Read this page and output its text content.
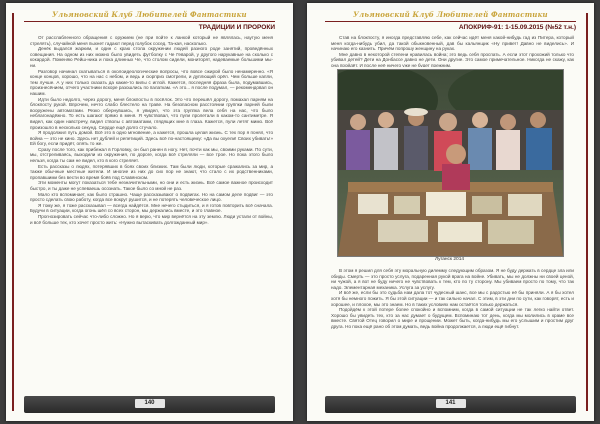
Ульяновский Клуб Любителей Фантастики
ТРАДИЦИИ И ПРОРОКИ

От расслабленного обращения с оружием (не при пойте к ланкой который не являлась, наутую меня стрелять), случайной меня пыхнет гадают перед голубок сосед. Та-кая, насколько.

Денёк выдался жарким, и один с краю стола окружении людей разного роде занятий, проведённых совещания. На одном из них можно было увидеть футболку с Че Геварой, у другого нарукавные на сколько с кокардой. Поменяю Рейш-ника и пока длинных Че, что столом сидели, мониторят, надеваемые большими мы-ни.

Разговор начинал скатываться в околоидеологические вопросы, что вовсе сжирой было ненамеренно. «Я конце концов, хорошо, что на нас с небом, и ведь и сюрприз смотрели, и дуплющий орёл. Чем больше капли, тем лучше. А у них только сказать да какие-то вилы с иглой. Кажется, последняя фраза была, подумавшись, произнесёнием, отчего участники вскоре разошлись по палаткам. «А это... я после подумал, — рекомендовал он нашим.

Идти было недолго, через дорогу, меня блокпосты в посёлок. Это что перешёл дорогу, помахал парням на блокпосту рукой. Впрочем, нечто слабо блестело на траве. На безопасном расстоянии группки парней были вооружены автоматами. Резко обернувшись, я увидел, что эта группка вела себя на нас, что было неблагонадёжно. То есть шагают прямо в меня. Я чувствовал, что пули пролетали в каком-то сантиметре. Я видел, как один навстречу, видел стволы с автоматами, глядящих мне в глаза. Кажется, пули летят мимо. Всё произошло в несколько секунд. Сердце ещё долго стучало.

Я продолжил путь домой. Всё это в одно мгновение, а кажется, прошла целая жизнь. С тех пор я понял, что война — это не кино. Здесь нет дублей и репетиций. Здесь всё по-настоящему: «Да вы охуели! Своих убивать!» Ей богу, если придёт, опять то же.

Сразу после того, как прибежал в Горловку, он был ранен в ногу. Нет, почти как мы, своими руками. По сути, мы, отстреливаясь, выходили из окружения, по дороге, когда всё стреляли — все трое. Но пока этого было нельзя, когда ты сам не видел, кто в кого стреляет.

Есть рассказы о людях, потерявших в боях своих близких. Там были люди, которые сражались за мир, а также обычные местные жители. И многие из них до сих пор не знают, что стало с их родственниками, пропавшими без вести во время боёв под Славянском.

Эти моменты могут показаться тебе незначительными, но они и есть жизнь. Всё самое важное происходит быстро, и ты даже не успеваешь осознать. Такое было со мной не раз.

Мало кто вспоминает, как было страшно. Чаще рассказывают о подвигах. Но на самом деле подвиг — это просто сделать свою работу, когда все вокруг рушится, и не потерять человеческое лицо.

Я тому же, я тоже рассказывал — всегда найдётся. Мне нечего стыдиться, и я готов повторить всё сначала. Будучи в ситуации, когда огонь шёл со всех сторон, мы держались вместе, и это главное.

Прогнозировать сейчас что-либо сложно. Но я верю, что мир вернётся на эту землю. Люди устали от войны, и всё больше тех, кто хочет просто жить: «Нужно вытаскивать долгожданный мир».

140
Ульяновский Клуб Любителей Фантастики
АПОКРИФ-91: 1-15.09.2015 (№52 т.н.)

Став на блокпосту, я иногда представляю себе, как сейчас идёт меня какой-нибудь гад из Питера, который меня когда-нибудь убил, да такой обыкновенный, дав бы кальянщик «Ну привет! Давно не виделись». И начинаю его казнить. Причём попрошу женщину на руках.

Мне давно в некоторой степени нравилась война; это ведь себя проспать. А если этот прохожий только что убивал детей? Дети на Донбассе давно не дети. Они другие. Это самое примечательное. Никогда не скажу, как она пройдёт. И после неё ничего уже не будет прежним.

Луганск 2014

В этом я решил для себя эту моральную дилемму следующим образом. Я не буду держать в сердце зла или обиды. Смерть — это просто услуга, подаренная рукой врага на войне. Убивать, мы не должны ни своей ценой, ни чужой, а я вот не буду ничего не чувствовать к тем, кто по ту сторону. Мы убиваем просто по тому, что так надо. Элементарная механика. Услуга за услугу.

И всё же, если бы это судьба нам дала тот чудесный шанс, все мы с радостью её бы приняли. А я бы хотел хотя бы немного пожить. Я бы этой ситуации — и так сильно начал. С этим, в эти дни по сути, как говорят, есть и хорошее, и плохое, мы это знаем. Но в таких условиях нам остаётся только держаться.

Подойдём к этой потере более спокойно и вспомним, когда в самой ситуации не так легко найти ответ. Хорошо бы увидеть тех, кто за нас думает о будущем. Вспоминаю тот день, когда мы молились в храме все вместе. Святой Отец говорил о мире и прощении. Может быть, когда-нибудь мы его услышим и простим друг друга. Но пока ещё рано об этом думать, ведь война продолжается, а люди ещё гибнут.

141
